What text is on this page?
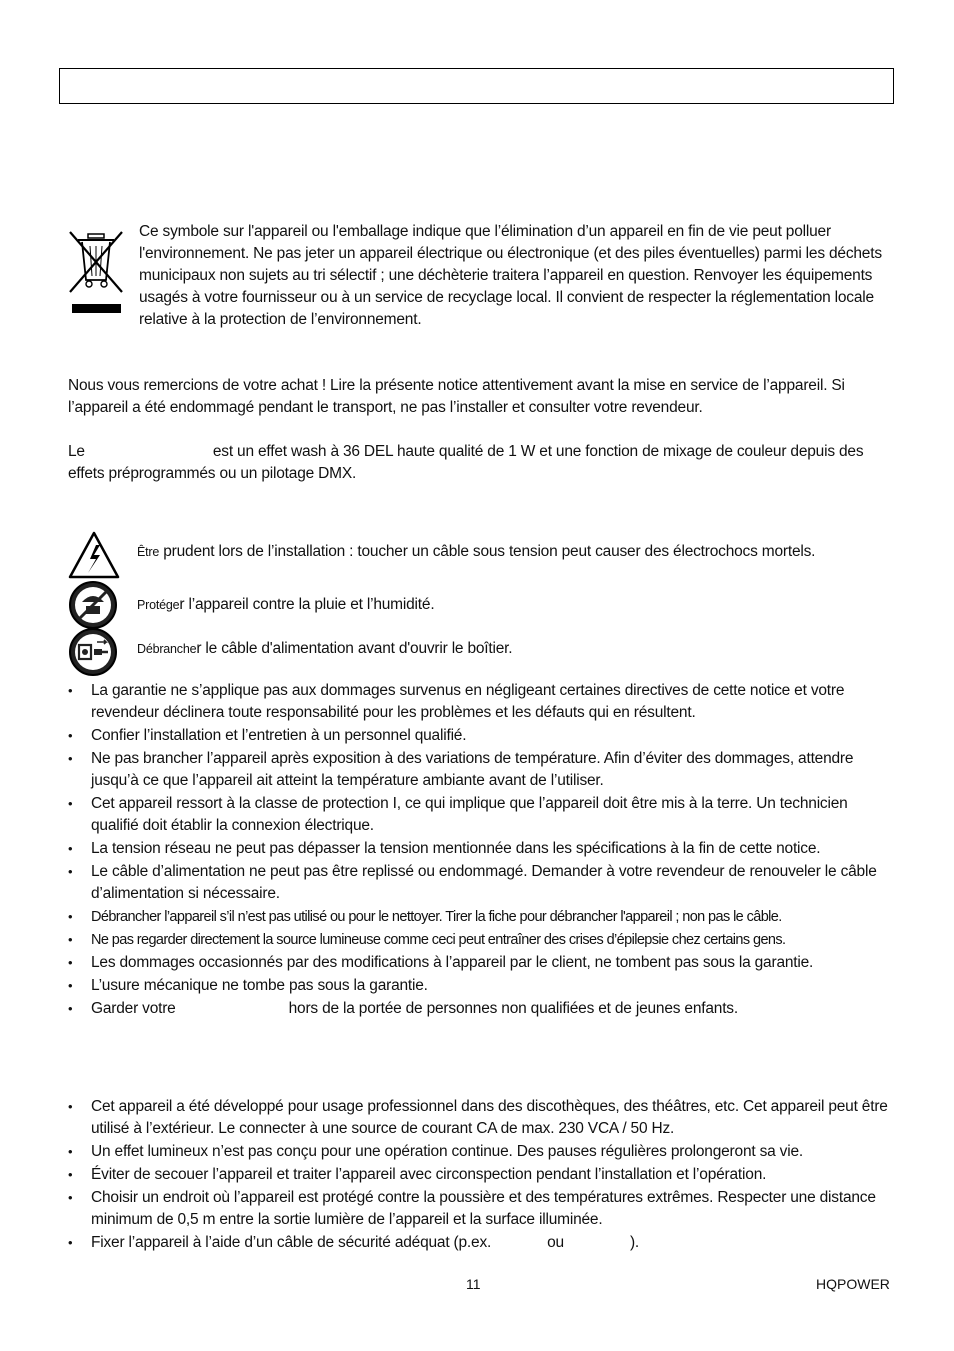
Ce symbole sur l'appareil ou l'emballage indique que l’élimination d’un appareil en fin de vie peut polluer l'environnement. Ne pas jeter un appareil électrique ou électronique (et des piles éventuelles) parmi les déchets municipaux non sujets au tri sélectif ; une déchèterie traitera l’appareil en question. Renvoyer les équipements usagés à votre fournisseur ou à un service de recyclage local. Il convient de respecter la réglementation locale relative à la protection de l’environnement.
Nous vous remercions de votre achat ! Lire la présente notice attentivement avant la mise en service de l’appareil. Si l’appareil a été endommagé pendant le transport, ne pas l’installer et consulter votre revendeur.
Le	est un effet wash à 36 DEL haute qualité de 1 W et une fonction de mixage de couleur depuis des effets préprogrammés ou un pilotage DMX.
Être prudent lors de l’installation : toucher un câble sous tension peut causer des électrochocs mortels.
Protéger l’appareil contre la pluie et l’humidité.
Débrancher le câble d'alimentation avant d'ouvrir le boîtier.
• La garantie ne s’applique pas aux dommages survenus en négligeant certaines directives de cette notice et votre revendeur déclinera toute responsabilité pour les problèmes et les défauts qui en résultent.
• Confier l’installation et l’entretien à un personnel qualifié.
• Ne pas brancher l’appareil après exposition à des variations de température. Afin d’éviter des dommages, attendre jusqu’à ce que l’appareil ait atteint la température ambiante avant de l’utiliser.
• Cet appareil ressort à la classe de protection I, ce qui implique que l’appareil doit être mis à la terre. Un technicien qualifié doit établir la connexion électrique.
• La tension réseau ne peut pas dépasser la tension mentionnée dans les spécifications à la fin de cette notice.
• Le câble d’alimentation ne peut pas être replissé ou endommagé. Demander à votre revendeur de renouveler le câble d’alimentation si nécessaire.
• Débrancher l’appareil s’il n’est pas utilisé ou pour le nettoyer. Tirer la fiche pour débrancher l'appareil ; non pas le câble.
• Ne pas regarder directement la source lumineuse comme ceci peut entraîner des crises d’épilepsie chez certains gens.
• Les dommages occasionnés par des modifications à l’appareil par le client, ne tombent pas sous la garantie.
• L’usure mécanique ne tombe pas sous la garantie.
• Garder votre	hors de la portée de personnes non qualifiées et de jeunes enfants.
• Cet appareil a été développé pour usage professionnel dans des discothèques, des théâtres, etc. Cet appareil peut être utilisé à l’extérieur. Le connecter à une source de courant CA de max. 230 VCA / 50 Hz.
• Un effet lumineux n’est pas conçu pour une opération continue. Des pauses régulières prolongeront sa vie.
• Éviter de secouer l’appareil et traiter l’appareil avec circonspection pendant l’installation et l’opération.
• Choisir un endroit où l’appareil est protégé contre la poussière et des températures extrêmes. Respecter une distance minimum de 0,5 m entre la sortie lumière de l’appareil et la surface illuminée.
• Fixer l’appareil à l’aide d’un câble de sécurité adéquat (p.ex.	ou	).
11	HQPOWER
